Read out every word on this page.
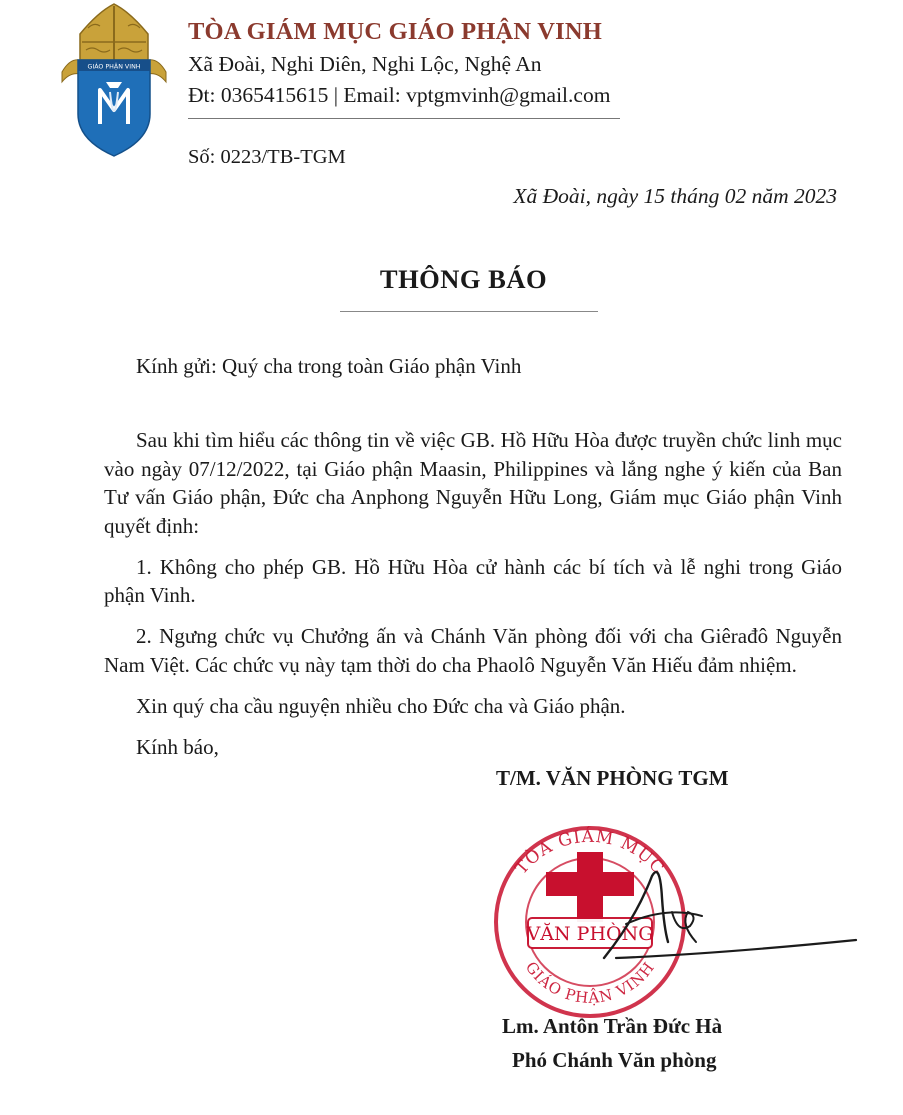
GIÁO PHẬN VINH
TÒA GIÁM MỤC GIÁO PHẬN VINH
Xã Đoài, Nghi Diên, Nghi Lộc, Nghệ An
Đt: 0365415615 | Email: vptgmvinh@gmail.com
Số: 0223/TB-TGM
Xã Đoài, ngày 15 tháng 02 năm 2023
THÔNG BÁO
Kính gửi: Quý cha trong toàn Giáo phận Vinh

Sau khi tìm hiểu các thông tin về việc GB. Hồ Hữu Hòa được truyền chức linh mục vào ngày 07/12/2022, tại Giáo phận Maasin, Philippines và lắng nghe ý kiến của Ban Tư vấn Giáo phận, Đức cha Anphong Nguyễn Hữu Long, Giám mục Giáo phận Vinh quyết định:

1. Không cho phép GB. Hồ Hữu Hòa cử hành các bí tích và lễ nghi trong Giáo phận Vinh.

2. Ngưng chức vụ Chưởng ấn và Chánh Văn phòng đối với cha Giêrađô Nguyễn Nam Việt. Các chức vụ này tạm thời do cha Phaolô Nguyễn Văn Hiếu đảm nhiệm.

Xin quý cha cầu nguyện nhiều cho Đức cha và Giáo phận.

Kính báo,

T/M. VĂN PHÒNG TGM
TÒA GIÁM MỤC
GIÁO PHẬN VINH
VĂN PHÒNG
Lm. Antôn Trần Đức Hà
Phó Chánh Văn phòng
